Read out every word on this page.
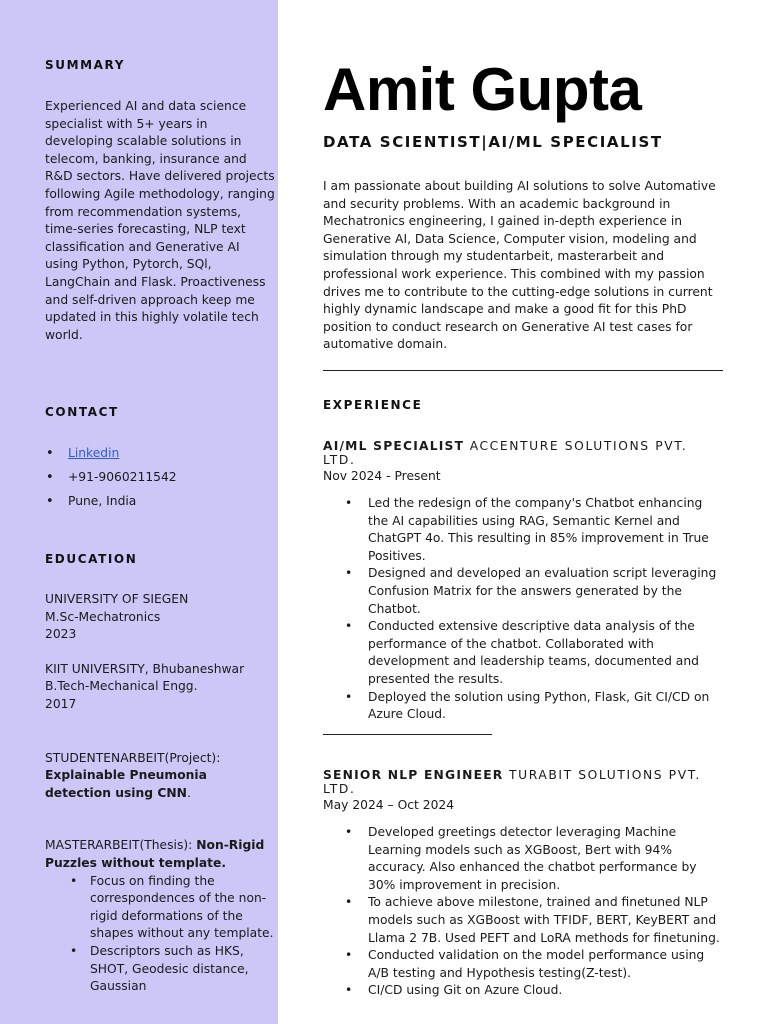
SUMMARY

Experienced AI and data science specialist with 5+ years in developing scalable solutions in telecom, banking, insurance and R&D sectors. Have delivered projects following Agile methodology, ranging from recommendation systems, time-series forecasting, NLP text classification and Generative AI using Python, Pytorch, SQl, LangChain and Flask. Proactiveness and self-driven approach keep me updated in this highly volatile tech world.

CONTACT

• Linkedin
• +91-9060211542
• Pune, India

EDUCATION

UNIVERSITY OF SIEGEN

M.Sc-Mechatronics

2023

KIIT UNIVERSITY, Bhubaneshwar

B.Tech-Mechanical Engg.

2017

STUDENTENARBEIT(Project):

Explainable Pneumonia detection using CNN.

MASTERARBEIT(Thesis): Non-Rigid Puzzles without template.

• Focus on finding the correspondences of the non-rigid deformations of the shapes without any template.
• Descriptors such as HKS, SHOT, Geodesic distance, Gaussian
Amit Gupta

DATA SCIENTIST|AI/ML SPECIALIST

I am passionate about building AI solutions to solve Automative and security problems. With an academic background in Mechatronics engineering, I gained in-depth experience in Generative AI, Data Science, Computer vision, modeling and simulation through my studentarbeit, masterarbeit and professional work experience. This combined with my passion drives me to contribute to the cutting-edge solutions in current highly dynamic landscape and make a good fit for this PhD position to conduct research on Generative AI test cases for automative domain.

EXPERIENCE

AI/ML SPECIALIST ACCENTURE SOLUTIONS PVT. LTD.

Nov 2024 - Present

• Led the redesign of the company's Chatbot enhancing the AI capabilities using RAG, Semantic Kernel and ChatGPT 4o. This resulting in 85% improvement in True Positives.
• Designed and developed an evaluation script leveraging Confusion Matrix for the answers generated by the Chatbot.
• Conducted extensive descriptive data analysis of the performance of the chatbot. Collaborated with development and leadership teams, documented and presented the results.
• Deployed the solution using Python, Flask, Git CI/CD on Azure Cloud.

SENIOR NLP ENGINEER TURABIT SOLUTIONS PVT. LTD.

May 2024 – Oct 2024

• Developed greetings detector leveraging Machine Learning models such as XGBoost, Bert with 94% accuracy. Also enhanced the chatbot performance by 30% improvement in precision.
• To achieve above milestone, trained and finetuned NLP models such as XGBoost with TFIDF, BERT, KeyBERT and Llama 2 7B. Used PEFT and LoRA methods for finetuning.
• Conducted validation on the model performance using A/B testing and Hypothesis testing(Z-test).
• CI/CD using Git on Azure Cloud.
